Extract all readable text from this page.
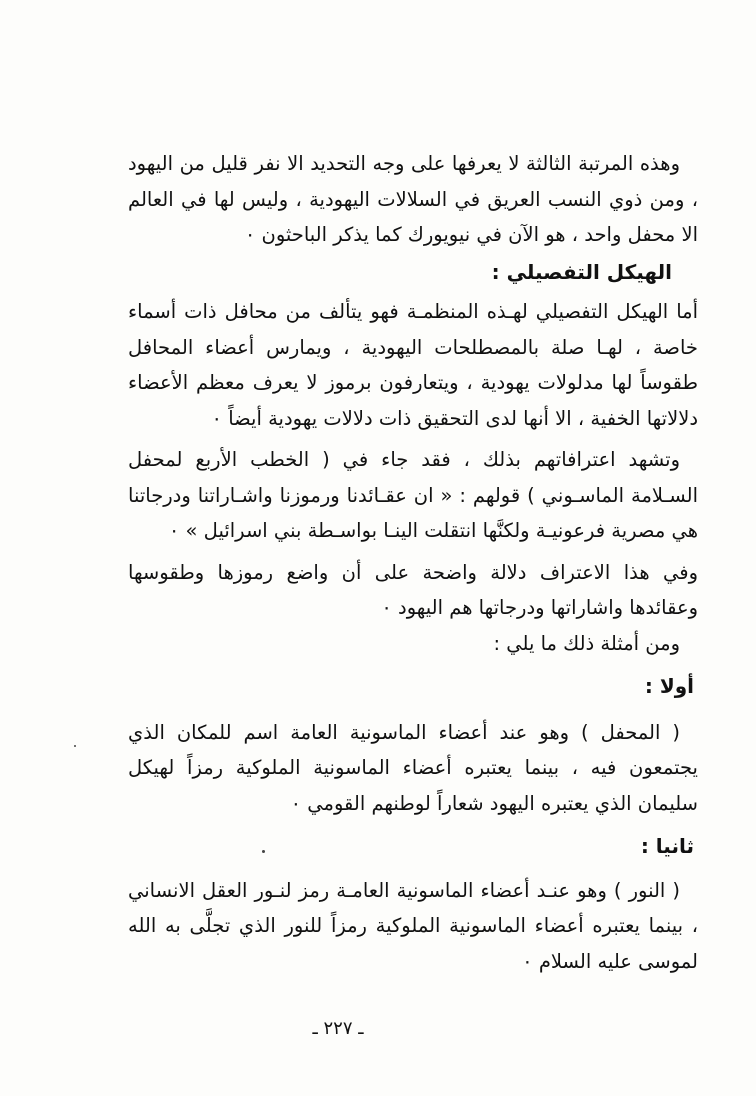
وهذه المرتبة الثالثة لا يعرفها على وجه التحديد الا نفر قليل من اليهود ، ومن ذوي النسب العريق في السلالات اليهودية ، وليس لها في العالم الا محفل واحد ، هو الآن في نيويورك كما يذكر الباحثون ٠

الهيكل التفصيلي :

أما الهيكل التفصيلي لهـذه المنظمـة فهو يتألف من محافل ذات أسماء خاصة ، لهـا صلة بالمصطلحات اليهودية ، ويمارس أعضاء المحافل طقوساً لها مدلولات يهودية ، ويتعارفون برموز لا يعرف معظم الأعضاء دلالاتها الخفية ، الا أنها لدى التحقيق ذات دلالات يهودية أيضاً ٠

وتشهد اعترافاتهم بذلك ، فقد جاء في ( الخطب الأربع لمحفل السـلامة الماسـوني ) قولهم : « ان عقـائدنا ورموزنا واشـاراتنا ودرجاتنا هي مصرية فرعونيـة ولكنَّها انتقلت الينـا بواسـطة بني اسرائيل » ٠

وفي هذا الاعتراف دلالة واضحة على أن واضع رموزها وطقوسها وعقائدها واشاراتها ودرجاتها هم اليهود ٠

ومن أمثلة ذلك ما يلي :

أولا :

( المحفل ) وهو عند أعضاء الماسونية العامة اسم للمكان الذي يجتمعون فيه ، بينما يعتبره أعضاء الماسونية الملوكية رمزاً لهيكل سليمان الذي يعتبره اليهود شعاراً لوطنهم القومي ٠

ثانيا :

( النور ) وهو عنـد أعضاء الماسونية العامـة رمز لنـور العقل الانساني ، بينما يعتبره أعضاء الماسونية الملوكية رمزاً للنور الذي تجلَّى به الله لموسى عليه السلام ٠

ـ ٢٢٧ ـ
